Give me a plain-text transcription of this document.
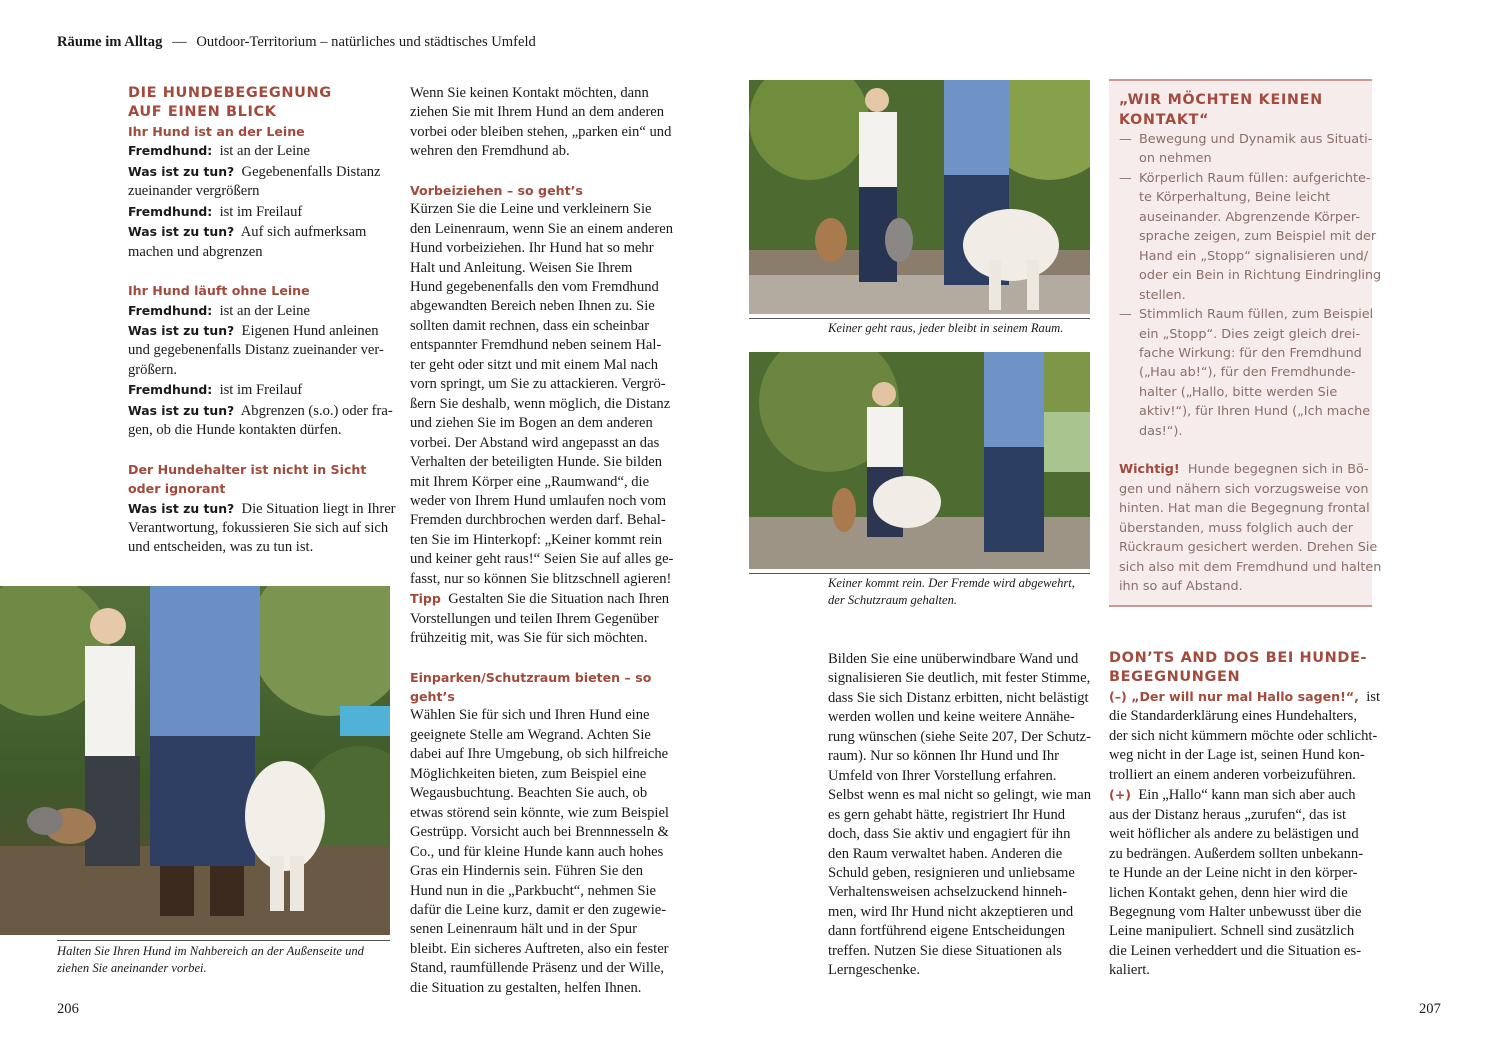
Räume im Alltag — Outdoor-Territorium – natürliches und städtisches Umfeld
DIE HUNDEBEGEGNUNG
AUF EINEN BLICK
Ihr Hund ist an der Leine
Fremdhund: ist an der Leine
Was ist zu tun? Gegebenenfalls Distanz
zueinander vergrößern
Fremdhund: ist im Freilauf
Was ist zu tun? Auf sich aufmerksam
machen und abgrenzen
Ihr Hund läuft ohne Leine
Fremdhund: ist an der Leine
Was ist zu tun? Eigenen Hund anleinen
und gegebenenfalls Distanz zueinander ver-
größern.
Fremdhund: ist im Freilauf
Was ist zu tun? Abgrenzen (s.o.) oder fra-
gen, ob die Hunde kontakten dürfen.
Der Hundehalter ist nicht in Sicht
oder ignorant
Was ist zu tun? Die Situation liegt in Ihrer
Verantwortung, fokussieren Sie sich auf sich
und entscheiden, was zu tun ist.
Halten Sie Ihren Hund im Nahbereich an der Außenseite und
ziehen Sie aneinander vorbei.
Wenn Sie keinen Kontakt möchten, dann
ziehen Sie mit Ihrem Hund an dem anderen
vorbei oder bleiben stehen, „parken ein“ und
wehren den Fremdhund ab.
Vorbeiziehen – so geht’s
Kürzen Sie die Leine und verkleinern Sie
den Leinenraum, wenn Sie an einem anderen
Hund vorbeiziehen. Ihr Hund hat so mehr
Halt und Anleitung. Weisen Sie Ihrem
Hund gegebenenfalls den vom Fremdhund
abgewandten Bereich neben Ihnen zu. Sie
sollten damit rechnen, dass ein scheinbar
entspannter Fremdhund neben seinem Hal-
ter geht oder sitzt und mit einem Mal nach
vorn springt, um Sie zu attackieren. Vergrö-
ßern Sie deshalb, wenn möglich, die Distanz
und ziehen Sie im Bogen an dem anderen
vorbei. Der Abstand wird angepasst an das
Verhalten der beteiligten Hunde. Sie bilden
mit Ihrem Körper eine „Raumwand“, die
weder von Ihrem Hund umlaufen noch vom
Fremden durchbrochen werden darf. Behal-
ten Sie im Hinterkopf: „Keiner kommt rein
und keiner geht raus!“ Seien Sie auf alles ge-
fasst, nur so können Sie blitzschnell agieren!
Tipp Gestalten Sie die Situation nach Ihren
Vorstellungen und teilen Ihrem Gegenüber
frühzeitig mit, was Sie für sich möchten.
Einparken/Schutzraum bieten – so geht’s
Wählen Sie für sich und Ihren Hund eine
geeignete Stelle am Wegrand. Achten Sie
dabei auf Ihre Umgebung, ob sich hilfreiche
Möglichkeiten bieten, zum Beispiel eine
Wegausbuchtung. Beachten Sie auch, ob
etwas störend sein könnte, wie zum Beispiel
Gestrüpp. Vorsicht auch bei Brennnesseln &
Co., und für kleine Hunde kann auch hohes
Gras ein Hindernis sein. Führen Sie den
Hund nun in die „Parkbucht“, nehmen Sie
dafür die Leine kurz, damit er den zugewie-
senen Leinenraum hält und in der Spur
bleibt. Ein sicheres Auftreten, also ein fester
Stand, raumfüllende Präsenz und der Wille,
die Situation zu gestalten, helfen Ihnen.
Keiner geht raus, jeder bleibt in seinem Raum.
Keiner kommt rein. Der Fremde wird abgewehrt,
der Schutzraum gehalten.
Bilden Sie eine unüberwindbare Wand und
signalisieren Sie deutlich, mit fester Stimme,
dass Sie sich Distanz erbitten, nicht belästigt
werden wollen und keine weitere Annähe-
rung wünschen (siehe Seite 207, Der Schutz-
raum). Nur so können Ihr Hund und Ihr
Umfeld von Ihrer Vorstellung erfahren.
Selbst wenn es mal nicht so gelingt, wie man
es gern gehabt hätte, registriert Ihr Hund
doch, dass Sie aktiv und engagiert für ihn
den Raum verwaltet haben. Anderen die
Schuld geben, resignieren und unliebsame
Verhaltensweisen achselzuckend hinneh-
men, wird Ihr Hund nicht akzeptieren und
dann fortführend eigene Entscheidungen
treffen. Nutzen Sie diese Situationen als
Lerngeschenke.
„WIR MÖCHTEN KEINEN
KONTAKT“
— Bewegung und Dynamik aus Situati-
on nehmen
— Körperlich Raum füllen: aufgerichte-
te Körperhaltung, Beine leicht
auseinander. Abgrenzende Körper-
sprache zeigen, zum Beispiel mit der
Hand ein „Stopp“ signalisieren und/
oder ein Bein in Richtung Eindringling
stellen.
— Stimmlich Raum füllen, zum Beispiel
ein „Stopp“. Dies zeigt gleich drei-
fache Wirkung: für den Fremdhund
(„Hau ab!“), für den Fremdhunde-
halter („Hallo, bitte werden Sie
aktiv!“), für Ihren Hund („Ich mache
das!“).
Wichtig! Hunde begegnen sich in Bö-
gen und nähern sich vorzugsweise von
hinten. Hat man die Begegnung frontal
überstanden, muss folglich auch der
Rückraum gesichert werden. Drehen Sie
sich also mit dem Fremdhund und halten
ihn so auf Abstand.
DON’TS AND DOS BEI HUNDE-
BEGEGNUNGEN
(–) „Der will nur mal Hallo sagen!“, ist
die Standarderklärung eines Hundehalters,
der sich nicht kümmern möchte oder schlicht-
weg nicht in der Lage ist, seinen Hund kon-
trolliert an einem anderen vorbeizuführen.
(+) Ein „Hallo“ kann man sich aber auch
aus der Distanz heraus „zurufen“, das ist
weit höflicher als andere zu belästigen und
zu bedrängen. Außerdem sollten unbekann-
te Hunde an der Leine nicht in den körper-
lichen Kontakt gehen, denn hier wird die
Begegnung vom Halter unbewusst über die
Leine manipuliert. Schnell sind zusätzlich
die Leinen verheddert und die Situation es-
kaliert.
206	207
